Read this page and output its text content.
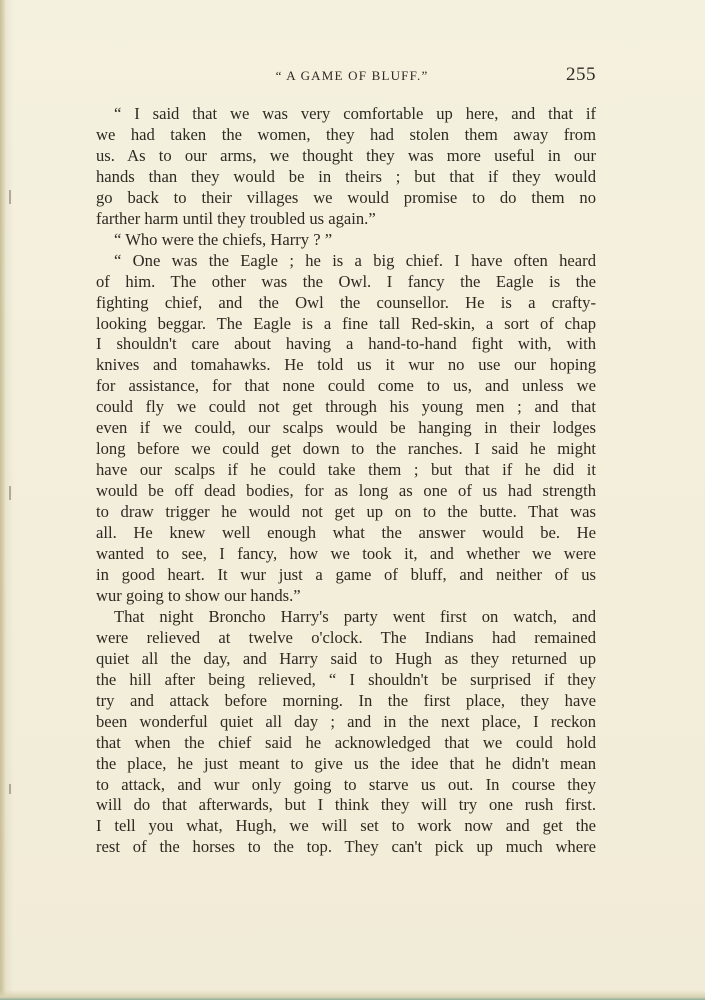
“ A GAME OF BLUFF.”	255
“ I said that we was very comfortable up here, and that if
we had taken the women, they had stolen them away from
us. As to our arms, we thought they was more useful in our
hands than they would be in theirs ; but that if they would
go back to their villages we would promise to do them no
farther harm until they troubled us again.”
“ Who were the chiefs, Harry ? ”
“ One was the Eagle ; he is a big chief. I have often heard
of him. The other was the Owl. I fancy the Eagle is the
fighting chief, and the Owl the counsellor. He is a crafty-
looking beggar. The Eagle is a fine tall Red-skin, a sort of chap
I shouldn't care about having a hand-to-hand fight with, with
knives and tomahawks. He told us it wur no use our hoping
for assistance, for that none could come to us, and unless we
could fly we could not get through his young men ; and that
even if we could, our scalps would be hanging in their lodges
long before we could get down to the ranches. I said he might
have our scalps if he could take them ; but that if he did it
would be off dead bodies, for as long as one of us had strength
to draw trigger he would not get up on to the butte. That was
all. He knew well enough what the answer would be. He
wanted to see, I fancy, how we took it, and whether we were
in good heart. It wur just a game of bluff, and neither of us
wur going to show our hands.”
That night Broncho Harry's party went first on watch, and
were relieved at twelve o'clock. The Indians had remained
quiet all the day, and Harry said to Hugh as they returned up
the hill after being relieved, “ I shouldn't be surprised if they
try and attack before morning. In the first place, they have
been wonderful quiet all day ; and in the next place, I reckon
that when the chief said he acknowledged that we could hold
the place, he just meant to give us the idee that he didn't mean
to attack, and wur only going to starve us out. In course they
will do that afterwards, but I think they will try one rush first.
I tell you what, Hugh, we will set to work now and get the
rest of the horses to the top. They can't pick up much where
